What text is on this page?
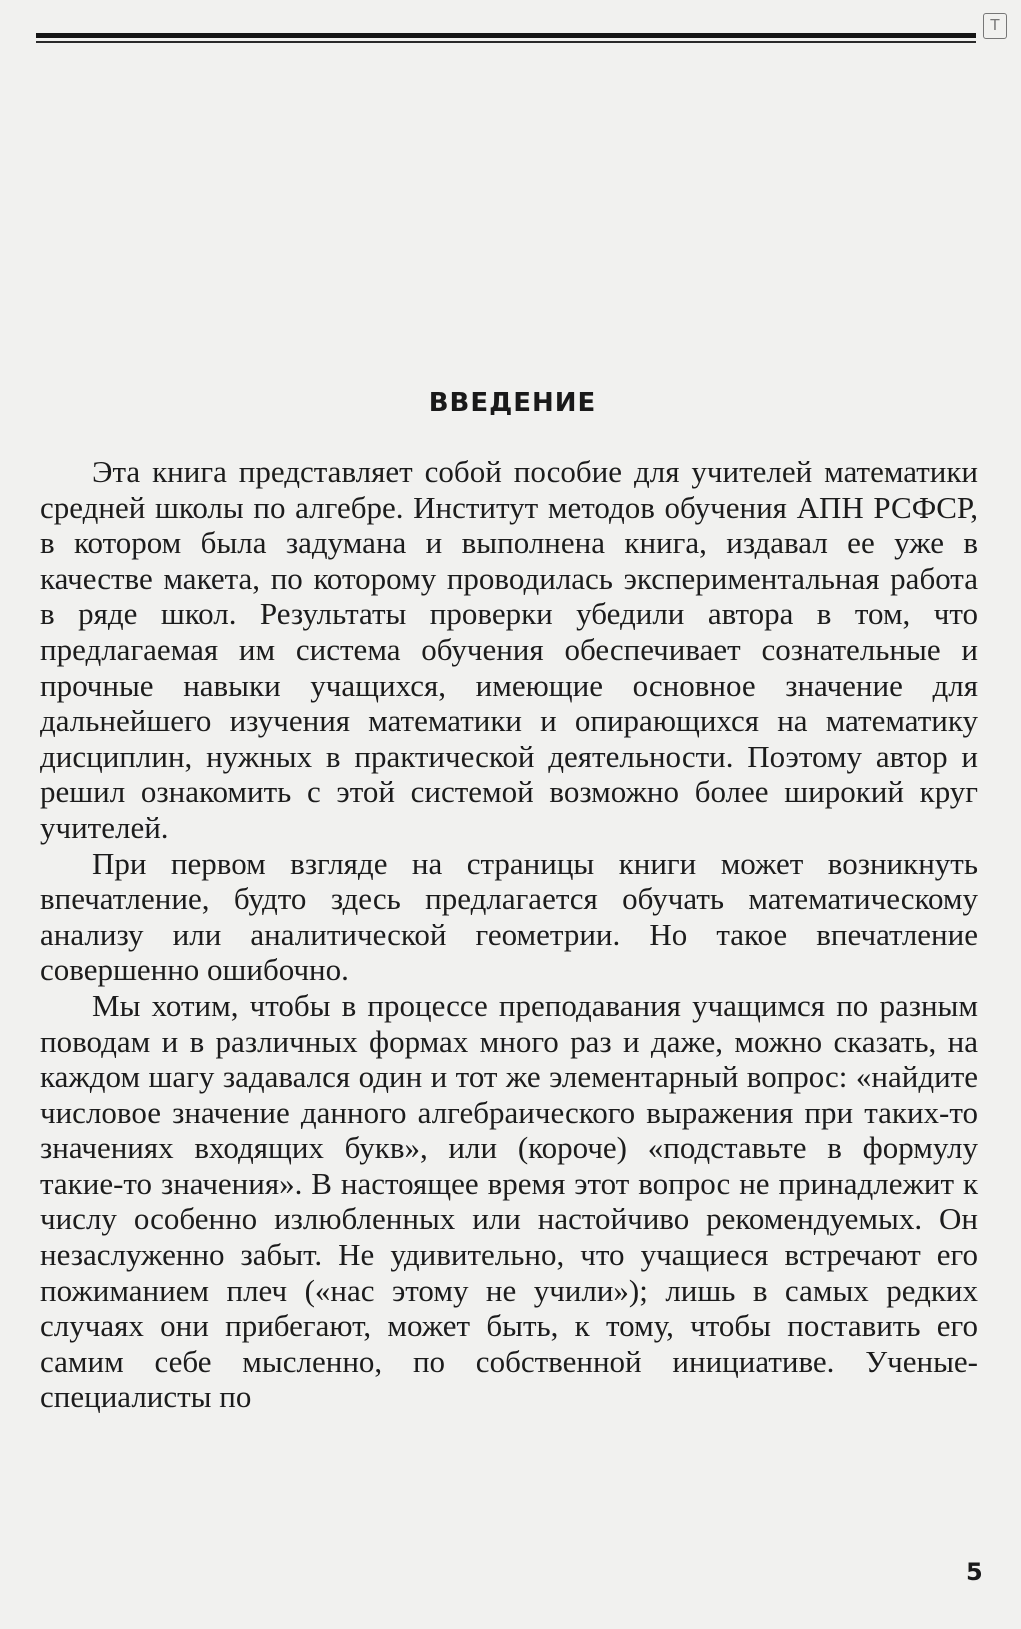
T
ВВЕДЕНИЕ

Эта книга представляет собой пособие для учителей математики средней школы по алгебре. Институт методов обучения АПН РСФСР, в котором была задумана и выполнена книга, издавал ее уже в качестве макета, по которому проводилась экспериментальная работа в ряде школ. Результаты проверки убедили автора в том, что предлагаемая им система обучения обеспечивает сознательные и прочные навыки учащихся, имеющие основное значение для дальнейшего изучения математики и опирающихся на математику дисциплин, нужных в практической деятельности. Поэтому автор и решил ознакомить с этой системой возможно более широкий круг учителей.

При первом взгляде на страницы книги может возникнуть впечатление, будто здесь предлагается обучать математическому анализу или аналитической геометрии. Но такое впечатление совершенно ошибочно.

Мы хотим, чтобы в процессе преподавания учащимся по разным поводам и в различных формах много раз и даже, можно сказать, на каждом шагу задавался один и тот же элементарный вопрос: «найдите числовое значение данного алгебраического выражения при таких-то значениях входящих букв», или (короче) «подставьте в формулу такие-то значения». В настоящее время этот вопрос не принадлежит к числу особенно излюбленных или настойчиво рекомендуемых. Он незаслуженно забыт. Не удивительно, что учащиеся встречают его пожиманием плеч («нас этому не учили»); лишь в самых редких случаях они прибегают, может быть, к тому, чтобы поставить его самим себе мысленно, по собственной инициативе. Ученые-специалисты по

5
